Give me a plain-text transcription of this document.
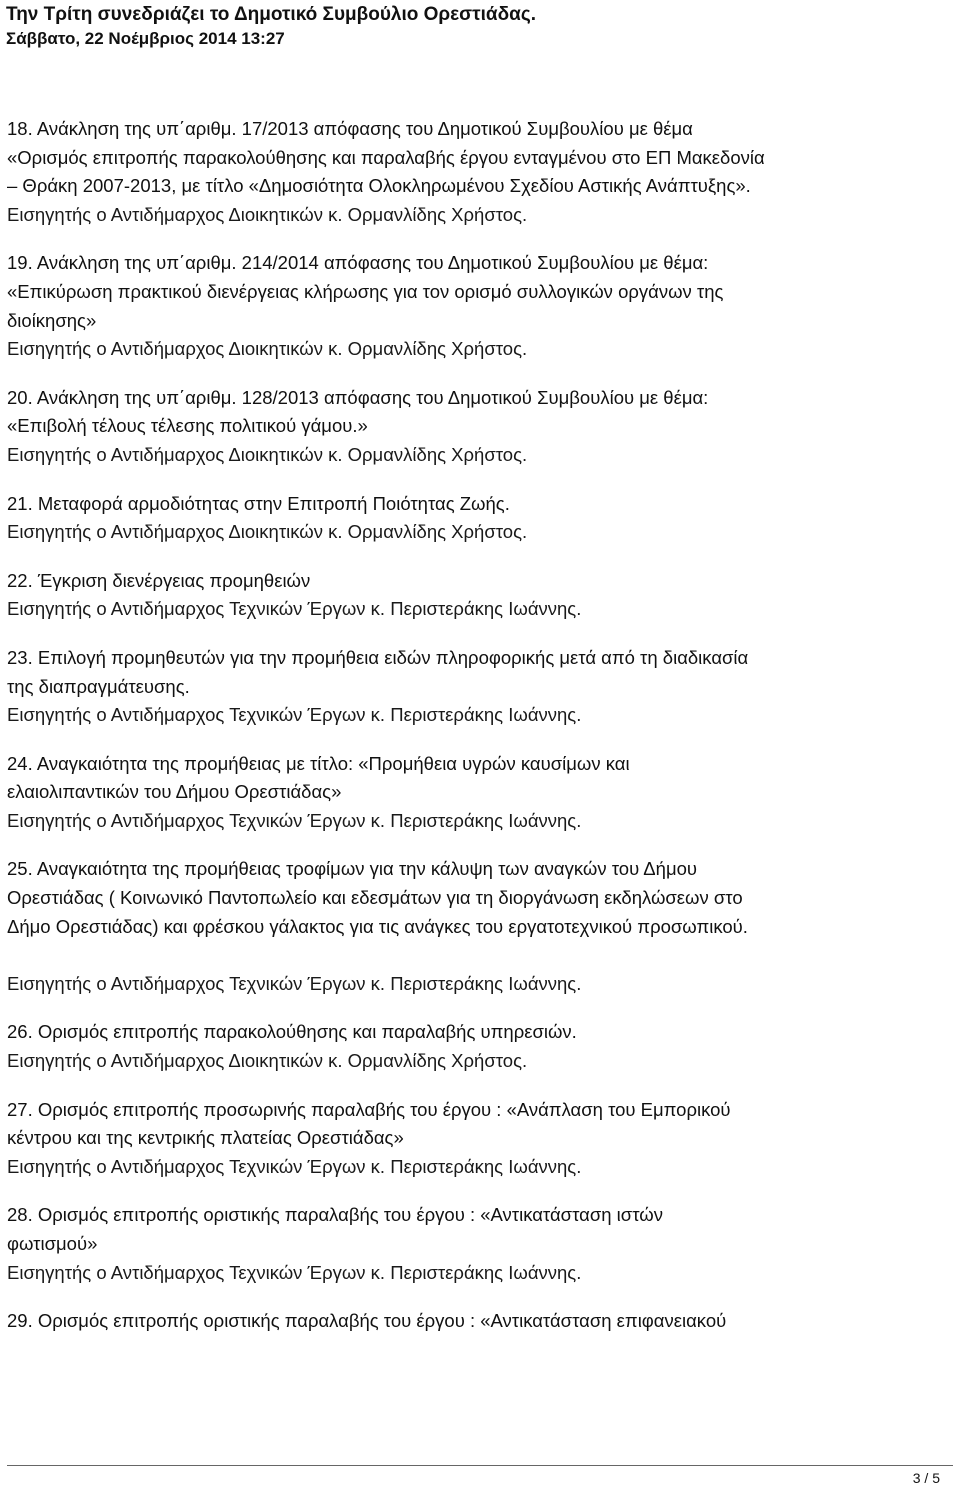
Την Τρίτη συνεδριάζει το Δημοτικό Συμβούλιο Ορεστιάδας.
Σάββατο, 22 Νοέμβριος 2014 13:27
18. Ανάκληση της υπ΄αριθμ. 17/2013 απόφασης του Δημοτικού Συμβουλίου με θέμα
«Ορισμός επιτροπής παρακολούθησης και παραλαβής έργου ενταγμένου στο ΕΠ Μακεδονία
– Θράκη 2007-2013, με τίτλο «Δημοσιότητα Ολοκληρωμένου Σχεδίου Αστικής Ανάπτυξης».
Εισηγητής ο Αντιδήμαρχος Διοικητικών κ. Ορμανλίδης Χρήστος.
19. Ανάκληση της υπ΄αριθμ. 214/2014 απόφασης του Δημοτικού Συμβουλίου με θέμα:
«Επικύρωση πρακτικού διενέργειας κλήρωσης για τον ορισμό συλλογικών οργάνων της
διοίκησης»
Εισηγητής ο Αντιδήμαρχος Διοικητικών κ. Ορμανλίδης Χρήστος.
20. Ανάκληση της υπ΄αριθμ. 128/2013 απόφασης του Δημοτικού Συμβουλίου με θέμα:
«Επιβολή τέλους τέλεσης πολιτικού γάμου.»
Εισηγητής ο Αντιδήμαρχος Διοικητικών κ. Ορμανλίδης Χρήστος.
21. Μεταφορά αρμοδιότητας στην Επιτροπή Ποιότητας Ζωής.
Εισηγητής ο Αντιδήμαρχος Διοικητικών κ. Ορμανλίδης Χρήστος.
22. Έγκριση διενέργειας προμηθειών
Εισηγητής ο Αντιδήμαρχος Τεχνικών Έργων κ. Περιστεράκης Ιωάννης.
23. Επιλογή προμηθευτών για την προμήθεια ειδών πληροφορικής μετά από τη διαδικασία
της διαπραγμάτευσης.
Εισηγητής ο Αντιδήμαρχος Τεχνικών Έργων κ. Περιστεράκης Ιωάννης.
24. Αναγκαιότητα της προμήθειας με τίτλο: «Προμήθεια υγρών καυσίμων και
ελαιολιπαντικών του Δήμου Ορεστιάδας»
Εισηγητής ο Αντιδήμαρχος Τεχνικών Έργων κ. Περιστεράκης Ιωάννης.
25. Αναγκαιότητα της προμήθειας τροφίμων για την κάλυψη των αναγκών του Δήμου
Ορεστιάδας ( Κοινωνικό Παντοπωλείο και εδεσμάτων για τη διοργάνωση εκδηλώσεων στο
Δήμο Ορεστιάδας) και φρέσκου γάλακτος για τις ανάγκες του εργατοτεχνικού προσωπικού.

Εισηγητής ο Αντιδήμαρχος Τεχνικών Έργων κ. Περιστεράκης Ιωάννης.
26. Ορισμός επιτροπής παρακολούθησης και παραλαβής υπηρεσιών.
Εισηγητής ο Αντιδήμαρχος Διοικητικών κ. Ορμανλίδης Χρήστος.
27. Ορισμός επιτροπής προσωρινής παραλαβής του έργου : «Ανάπλαση του Εμπορικού
κέντρου και της κεντρικής πλατείας Ορεστιάδας»
Εισηγητής ο Αντιδήμαρχος Τεχνικών Έργων κ. Περιστεράκης Ιωάννης.
28. Ορισμός επιτροπής οριστικής παραλαβής του έργου : «Αντικατάσταση ιστών
φωτισμού»
Εισηγητής ο Αντιδήμαρχος Τεχνικών Έργων κ. Περιστεράκης Ιωάννης.
29. Ορισμός επιτροπής οριστικής παραλαβής του έργου : «Αντικατάσταση επιφανειακού
3 / 5
